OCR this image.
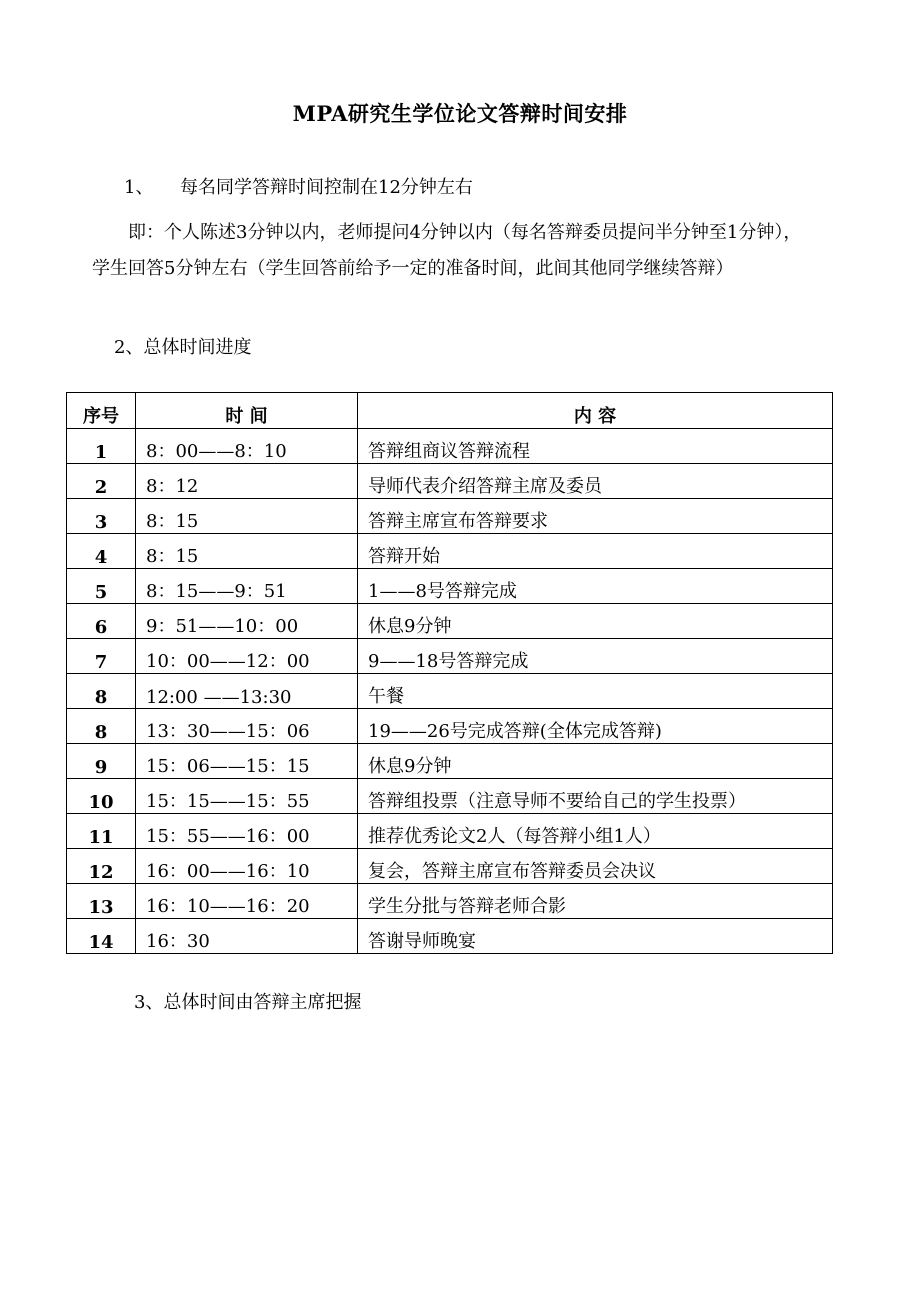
MPA研究生学位论文答辩时间安排
1、 每名同学答辩时间控制在12分钟左右
即：个人陈述3分钟以内，老师提问4分钟以内（每名答辩委员提问半分钟至1分钟），学生回答5分钟左右（学生回答前给予一定的准备时间，此间其他同学继续答辩）
2、总体时间进度
序号	时 间	内 容
1	8：00——8：10	答辩组商议答辩流程
2	8：12	导师代表介绍答辩主席及委员
3	8：15	答辩主席宣布答辩要求
4	8：15	答辩开始
5	8：15——9：51	1——8号答辩完成
6	9：51——10：00	休息9分钟
7	10：00——12：00	9——18号答辩完成
8	12:00 ——13:30	午餐
8	13：30——15：06	19——26号完成答辩(全体完成答辩)
9	15：06——15：15	休息9分钟
10	15：15——15：55	答辩组投票（注意导师不要给自己的学生投票）
11	15：55——16：00	推荐优秀论文2人（每答辩小组1人）
12	16：00——16：10	复会，答辩主席宣布答辩委员会决议
13	16：10——16：20	学生分批与答辩老师合影
14	16：30	答谢导师晚宴
3、总体时间由答辩主席把握
